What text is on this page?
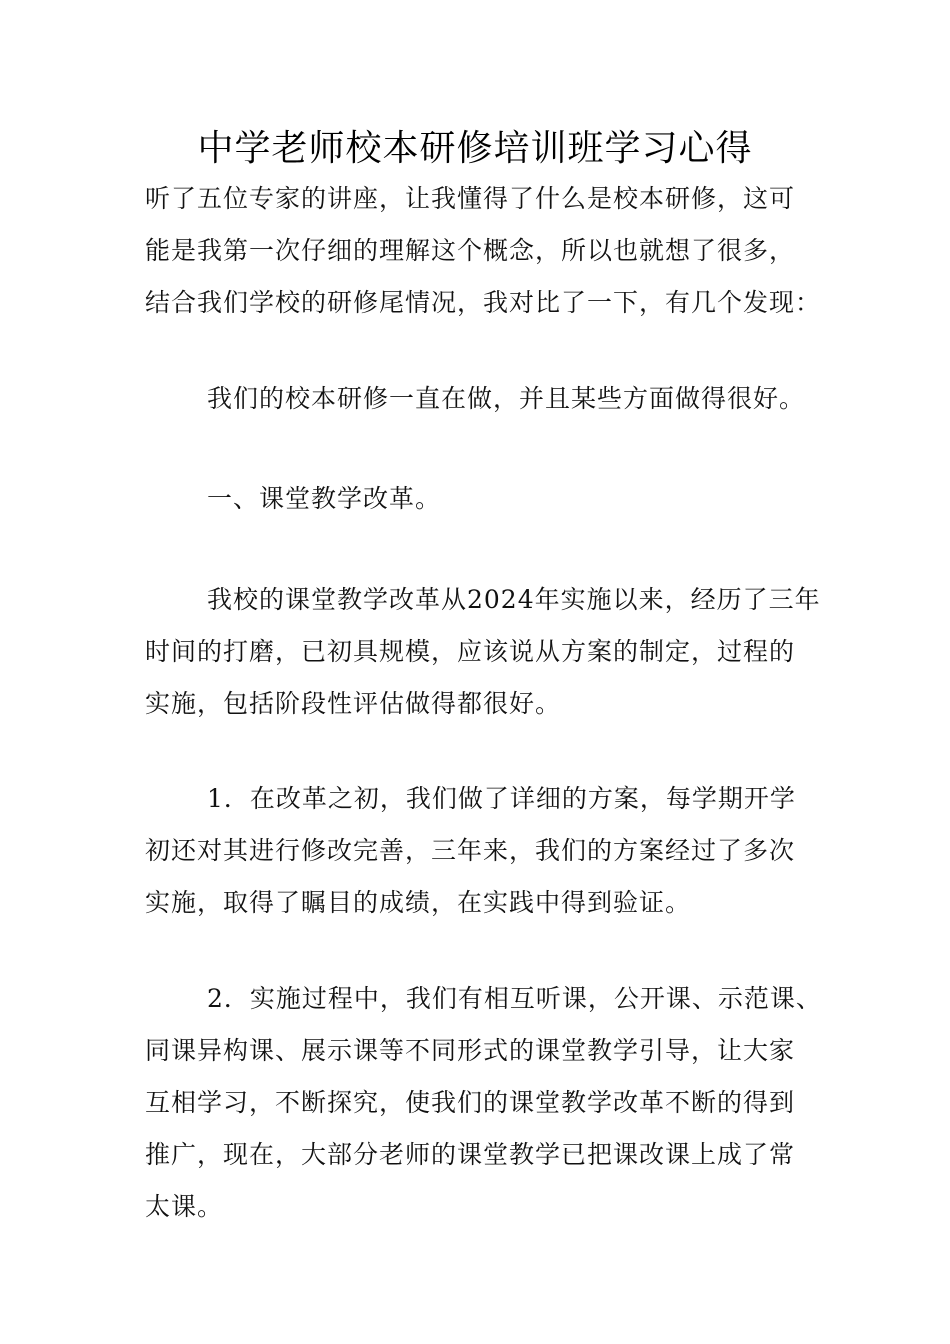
中学老师校本研修培训班学习心得
听了五位专家的讲座，让我懂得了什么是校本研修，这可
能是我第一次仔细的理解这个概念，所以也就想了很多，
结合我们学校的研修尾情况，我对比了一下，有几个发现：
我们的校本研修一直在做，并且某些方面做得很好。
一、课堂教学改革。
我校的课堂教学改革从2024年实施以来，经历了三年
时间的打磨，已初具规模，应该说从方案的制定，过程的
实施，包括阶段性评估做得都很好。
1．在改革之初，我们做了详细的方案，每学期开学
初还对其进行修改完善，三年来，我们的方案经过了多次
实施，取得了瞩目的成绩，在实践中得到验证。
2．实施过程中，我们有相互听课，公开课、示范课、
同课异构课、展示课等不同形式的课堂教学引导，让大家
互相学习，不断探究，使我们的课堂教学改革不断的得到
推广，现在，大部分老师的课堂教学已把课改课上成了常
太课。
